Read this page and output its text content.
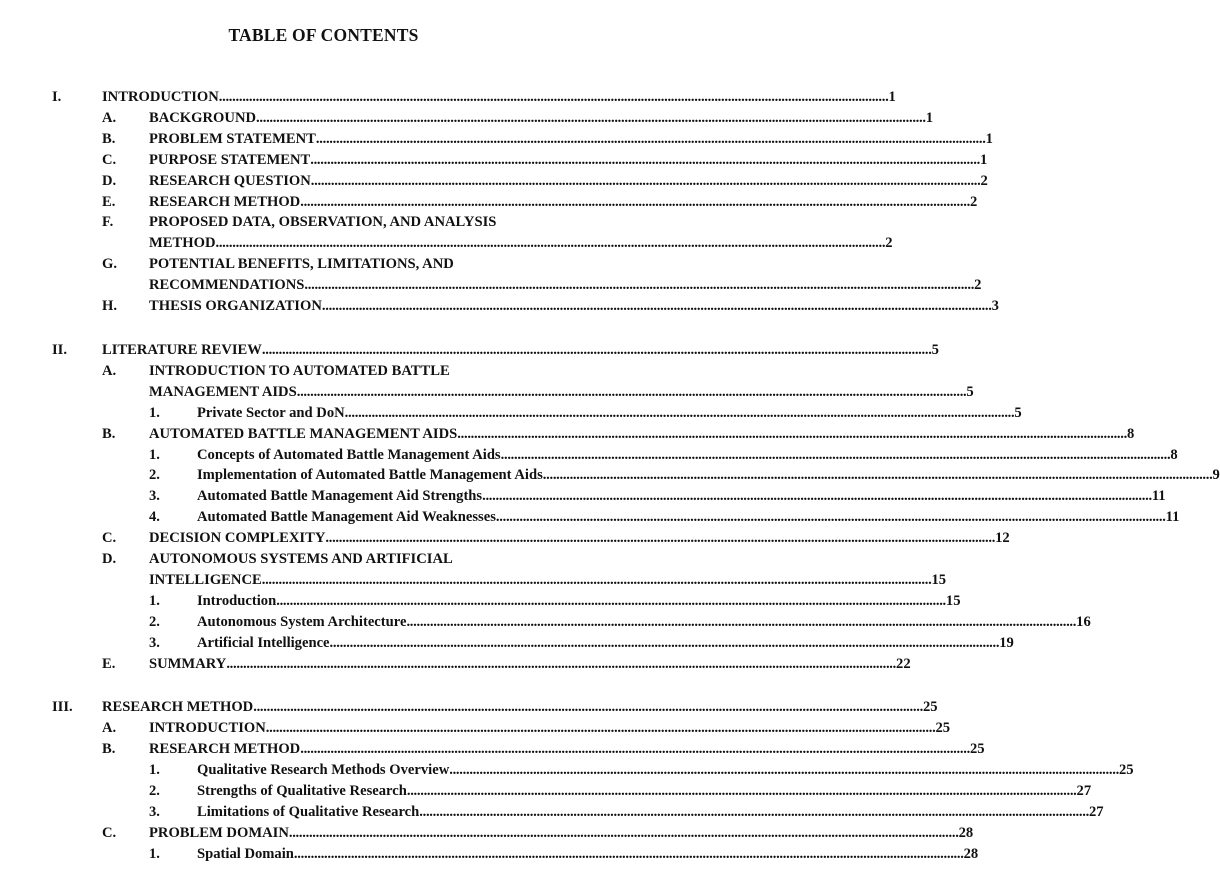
TABLE OF CONTENTS
I.	INTRODUCTION ........................................................................................................................................................................................................ 1
A. BACKGROUND ........................................................................................................................................................................................................ 1
B. PROBLEM STATEMENT ........................................................................................................................................................................................................ 1
C. PURPOSE STATEMENT ........................................................................................................................................................................................................ 1
D. RESEARCH QUESTION ........................................................................................................................................................................................................ 2
E. RESEARCH METHOD ........................................................................................................................................................................................................ 2
F. PROPOSED DATA, OBSERVATION, AND ANALYSIS
METHOD ........................................................................................................................................................................................................ 2
G. POTENTIAL BENEFITS, LIMITATIONS, AND
RECOMMENDATIONS ........................................................................................................................................................................................................ 2
H. THESIS ORGANIZATION ........................................................................................................................................................................................................ 3
II. LITERATURE REVIEW ........................................................................................................................................................................................................ 5
A. INTRODUCTION TO AUTOMATED BATTLE
MANAGEMENT AIDS ........................................................................................................................................................................................................ 5
1.	Private Sector and DoN ........................................................................................................................................................................................................ 5
B. AUTOMATED BATTLE MANAGEMENT AIDS ........................................................................................................................................................................................................ 8
1.	Concepts of Automated Battle Management Aids ........................................................................................................................................................................................................ 8
2.	Implementation of Automated Battle Management Aids ........................................................................................................................................................................................................ 9
3.	Automated Battle Management Aid Strengths ........................................................................................................................................................................................................ 11
4.	Automated Battle Management Aid Weaknesses ........................................................................................................................................................................................................ 11
C. DECISION COMPLEXITY ........................................................................................................................................................................................................ 12
D. AUTONOMOUS SYSTEMS AND ARTIFICIAL
INTELLIGENCE ........................................................................................................................................................................................................ 15
1.	Introduction ........................................................................................................................................................................................................ 15
2.	Autonomous System Architecture ........................................................................................................................................................................................................ 16
3.	Artificial Intelligence ........................................................................................................................................................................................................ 19
E. SUMMARY ........................................................................................................................................................................................................ 22
III. RESEARCH METHOD ........................................................................................................................................................................................................ 25
A. INTRODUCTION ........................................................................................................................................................................................................ 25
B. RESEARCH METHOD ........................................................................................................................................................................................................ 25
1.	Qualitative Research Methods Overview ........................................................................................................................................................................................................ 25
2.	Strengths of Qualitative Research ........................................................................................................................................................................................................ 27
3.	Limitations of Qualitative Research ........................................................................................................................................................................................................ 27
C. PROBLEM DOMAIN ........................................................................................................................................................................................................ 28
1.	Spatial Domain ........................................................................................................................................................................................................ 28
